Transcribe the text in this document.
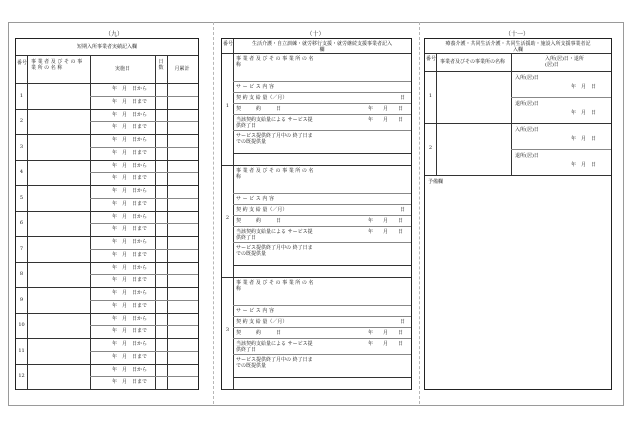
（九）	（十）	（十一）
短期入所事業者実績記入欄
番号 事 業 者 及 び そ の 事 業 所 の 名 称	実施日
日数	月累計
1
年　月　日から
年　月　日まで
2
年　月　日から
年　月　日まで
3
年　月　日から
年　月　日まで
4
年　月　日から
年　月　日まで
5
年　月　日から
年　月　日まで
6
年　月　日から
年　月　日まで
7
年　月　日から
年　月　日まで
8
年　月　日から
年　月　日まで
9
年　月　日から
年　月　日まで
10
年　月　日から
年　月　日まで
11
年　月　日から
年　月　日まで
12
年　月　日から
年　月　日まで
番号	生活介護・自立訓練・就労移行支援・就労継続支援事業者記入欄
1
事 業 者 及 び そ の 事 業 所 の 名 称
サ ー ビ ス 内 容
契 約 支 給 量（／月）	日
契　　　約　　　日	年　　月　　日
当該契約支給量による サービス提供終了日
年　　月　　日
サービス提供終了月中の 終了日までの既提供量
2
事 業 者 及 び そ の 事 業 所 の 名 称
サ ー ビ ス 内 容
契 約 支 給 量（／月）	日
契　　　約　　　日	年　　月　　日
当該契約支給量による サービス提供終了日
年　　月　　日
サービス提供終了月中の 終了日までの既提供量
3
事 業 者 及 び そ の 事 業 所 の 名 称
サ ー ビ ス 内 容
契 約 支 給 量（／月）	日
契　　　約　　　日	年　　月　　日
当該契約支給量による サービス提供終了日
年　　月　　日
サービス提供終了月中の 終了日までの既提供量
療養介護・共同生活介護・共同生活援助・施設入所支援事業者記入欄
番号 事業者及びその事業所の名称	入所(居)日・退所(居)日
1
入所(居)日
年　月　日
退所(居)日
年　月　日
2
入所(居)日
年　月　日
退所(居)日
年　月　日
予備欄
